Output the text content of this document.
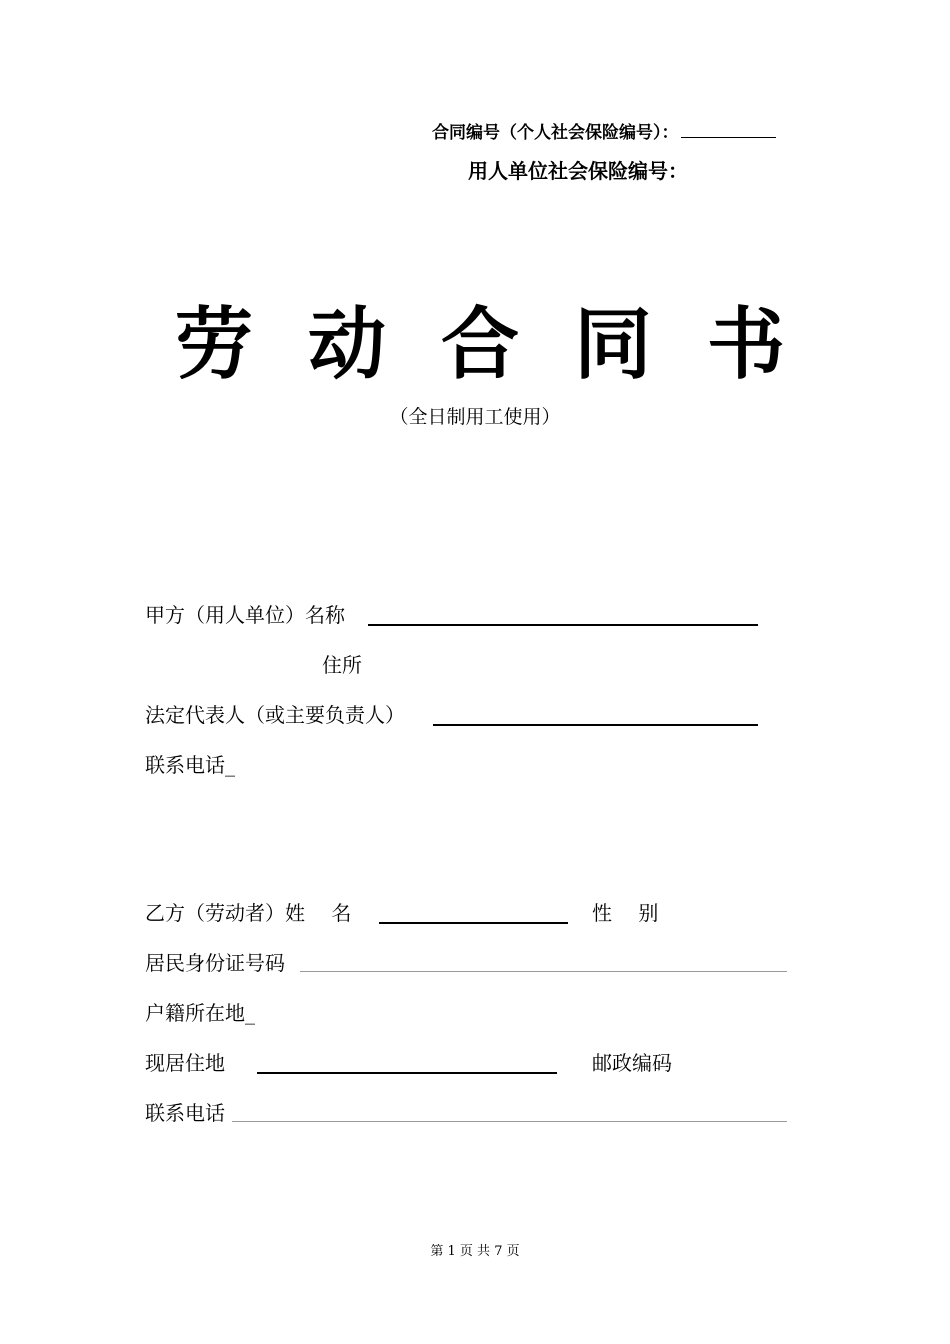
合同编号（个人社会保险编号）：
用人单位社会保险编号：
劳 动 合 同 书
（全日制用工使用）
甲方（用人单位）名称
住所
法定代表人（或主要负责人）
联系电话_
乙方（劳动者）姓　 名	性　 别
居民身份证号码
户籍所在地_
现居住地	邮政编码
联系电话
第 1 页 共 7 页
